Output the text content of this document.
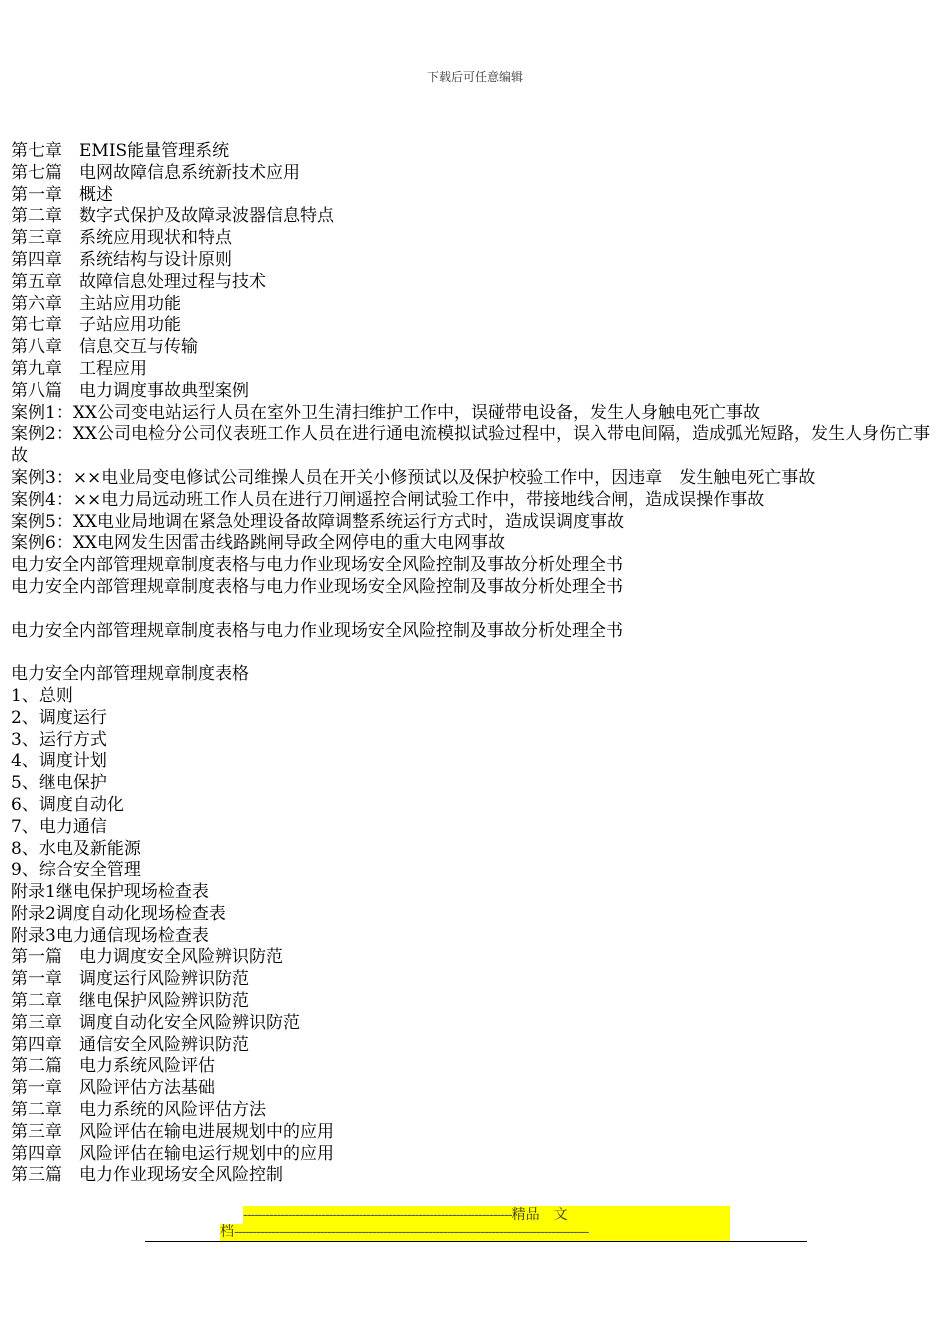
下载后可任意编辑

第七章　EMIS能量管理系统

第七篇　电网故障信息系统新技术应用

第一章　概述

第二章　数字式保护及故障录波器信息特点

第三章　系统应用现状和特点

第四章　系统结构与设计原则

第五章　故障信息处理过程与技术

第六章　主站应用功能

第七章　子站应用功能

第八章　信息交互与传输

第九章　工程应用

第八篇　电力调度事故典型案例

案例1：XX公司变电站运行人员在室外卫生清扫维护工作中，误碰带电设备，发生人身触电死亡事故

案例2：XX公司电检分公司仪表班工作人员在进行通电流模拟试验过程中，误入带电间隔，造成弧光短路，发生人身伤亡事故

案例3：××电业局变电修试公司维操人员在开关小修预试以及保护校验工作中，因违章　发生触电死亡事故

案例4：××电力局远动班工作人员在进行刀闸遥控合闸试验工作中，带接地线合闸，造成误操作事故

案例5：XX电业局地调在紧急处理设备故障调整系统运行方式时，造成误调度事故

案例6：XX电网发生因雷击线路跳闸导政全网停电的重大电网事故

电力安全内部管理规章制度表格与电力作业现场安全风险控制及事故分析处理全书

电力安全内部管理规章制度表格与电力作业现场安全风险控制及事故分析处理全书

电力安全内部管理规章制度表格与电力作业现场安全风险控制及事故分析处理全书

电力安全内部管理规章制度表格

1、总则

2、调度运行

3、运行方式

4、调度计划

5、继电保护

6、调度自动化

7、电力通信

8、水电及新能源

9、综合安全管理

附录1继电保护现场检查表

附录2调度自动化现场检查表

附录3电力通信现场检查表

第一篇　电力调度安全风险辨识防范

第一章　调度运行风险辨识防范

第二章　继电保护风险辨识防范

第三章　调度自动化安全风险辨识防范

第四章　通信安全风险辨识防范

第二篇　电力系统风险评估

第一章　风险评估方法基础

第二章　电力系统的风险评估方法

第三章　风险评估在输电进展规划中的应用

第四章　风险评估在输电运行规划中的应用

第三篇　电力作业现场安全风险控制

------------------------------------------------------------------------精品　文
档-----------------------------------------------------------------------------------------------
